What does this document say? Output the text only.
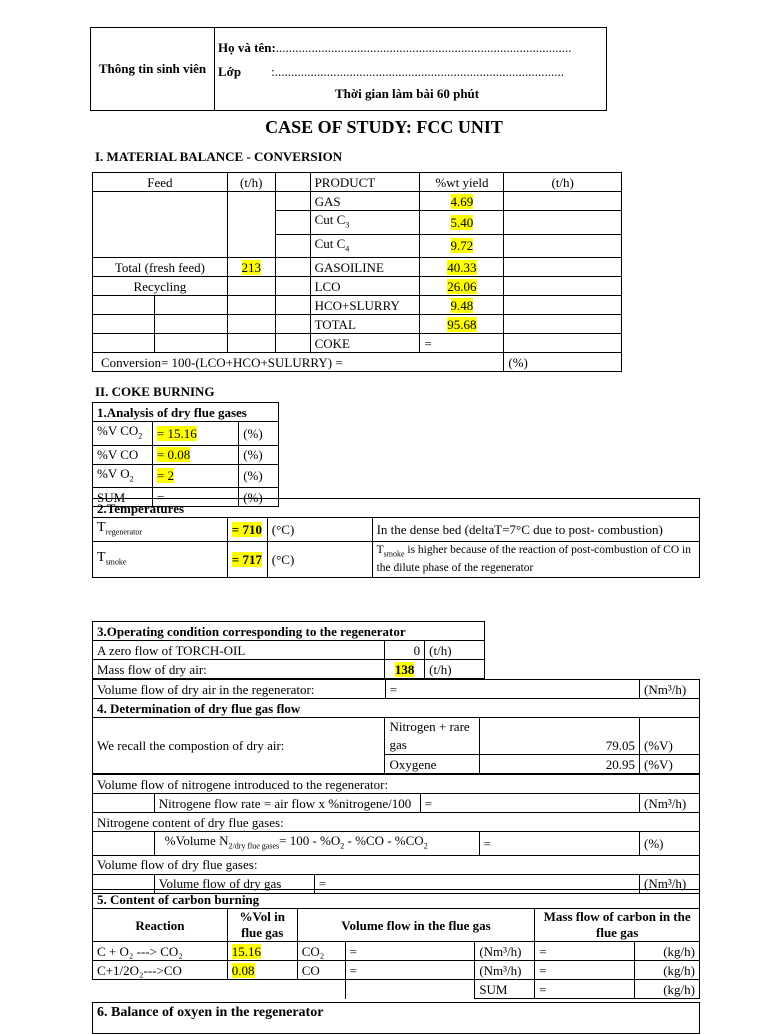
Thông tin sinh viên
Họ và tên:...........................................................................................
Lớp :.........................................................................................
Thời gian làm bài 60 phút
CASE OF STUDY: FCC UNIT
I. MATERIAL BALANCE - CONVERSION
Feed		(t/h)		PRODUCT	%wt yield	(t/h)
				GAS	4.69	
				Cut $C_3$	5.40	
				Cut $C_4$	9.72	
Total (fresh feed)		213		GASOILINE	40.33	
Recycling				LCO	26.06	
				HCO+SLURRY	9.48	
				TOTAL	95.68	
				COKE	=	
Conversion= 100-(LCO+HCO+SULURRY) =						(%)
II. COKE BURNING
1.Analysis of dry flue gases		
%V $CO_2$	= 15.16	(%)
%V CO	= 0.08	(%)
%V $O_2$	= 2	(%)
SUM	=	(%)
2.Temperatures			
$T_{regenerator}$	= 710	(°C)	In the dense bed (deltaT=7°C due to post- combustion)
$T_{smoke}$	= 717	(°C)	$T_{smoke}$ is higher because of the reaction of post-combustion of CO in the dilute phase of the regenerator
3.Operating condition corresponding to the regenerator		
A zero flow of TORCH-OIL	0	(t/h)
Mass flow of dry air:	138	(t/h)
Volume flow of dry air in the regenerator:	=	(Nm³/h)
4. Determination of dry flue gas flow			
We recall the compostion of dry air:	Nitrogen + rare gas	79.05	(%V)
	Oxygene	20.95	(%V)
Volume flow of nitrogene introduced to the regenerator:					
	Nitrogene flow rate = air flow x %nitrogene/100		=		(Nm³/h)
Nitrogene content of dry flue gases:					
	%Volume $N_{2/dry flue gases}= 100 - \%O_2 - \%CO - \%CO_2$			=	(%)
Volume flow of dry flue gases:					
	Volume flow of dry gas	=			(Nm³/h)
5. Content of carbon burning						
Reaction	%Vol in flue gas	Volume flow in the flue gas			Mass flow of carbon in the flue gas	
C + O₂ ---> CO₂	15.16	CO₂	=	(Nm³/h)	=	(kg/h)
C+1/2O₂--->CO	0.08	CO	=	(Nm³/h)	=	(kg/h)
				SUM	=	(kg/h)
6. Balance of oxyen in the regenerator
